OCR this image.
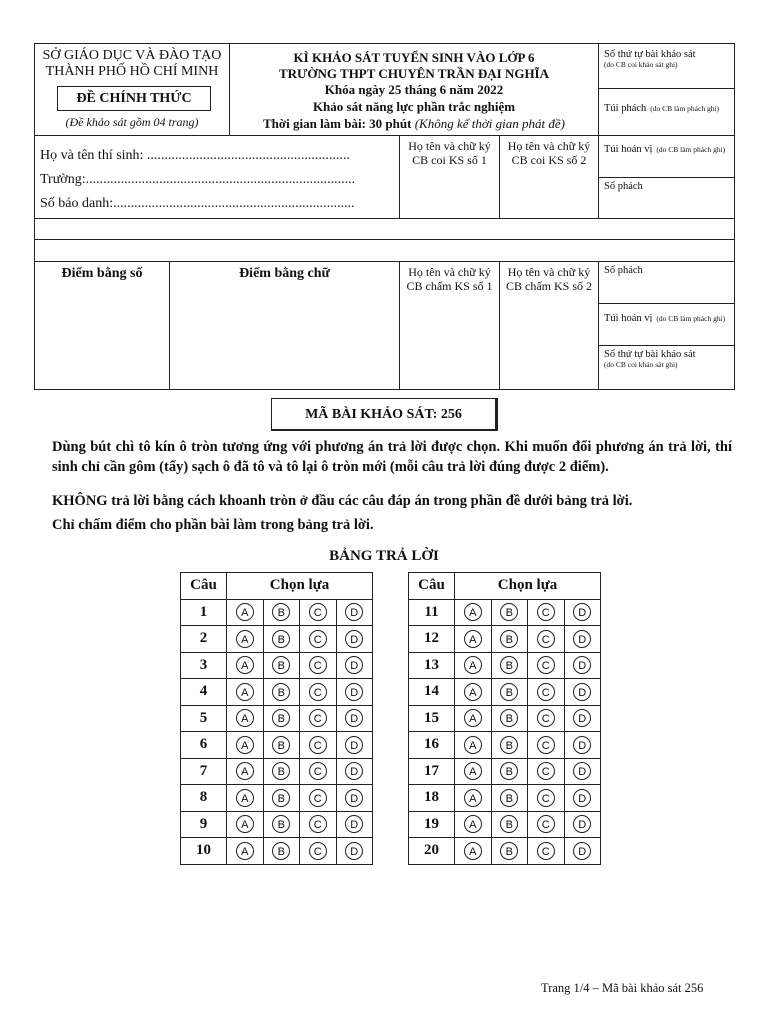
SỞ GIÁO DỤC VÀ ĐÀO TẠO
THÀNH PHỐ HỒ CHÍ MINH
ĐỀ CHÍNH THỨC
(Đề khảo sát gồm 04 trang)
KÌ KHẢO SÁT TUYỂN SINH VÀO LỚP 6
TRƯỜNG THPT CHUYÊN TRẦN ĐẠI NGHĨA
Khóa ngày 25 tháng 6 năm 2022
Khảo sát năng lực phần trắc nghiệm
Thời gian làm bài: 30 phút (Không kể thời gian phát đề)
Số thứ tự bài khảo sát
(do CB coi khảo sát ghi)
Túi phách (do CB làm phách ghi)
Họ và tên thí sinh: ..........................................................
Trường:.............................................................................
Số báo danh:.....................................................................
Họ tên và chữ ký
CB coi KS số 1
Họ tên và chữ ký
CB coi KS số 2
Túi hoán vị (do CB làm phách ghi)
Số phách
Điểm bằng số	Điểm bằng chữ	Họ tên và chữ ký
CB chấm KS số 1
Họ tên và chữ ký
CB chấm KS số 2
Số phách
Túi hoán vị (do CB làm phách ghi)
Số thứ tự bài khảo sát
(do CB coi khảo sát ghi)
MÃ BÀI KHẢO SÁT: 256
Dùng bút chì tô kín ô tròn tương ứng với phương án trả lời được chọn. Khi muốn đổi phương án trả lời, thí sinh chỉ cần gôm (tẩy) sạch ô đã tô và tô lại ô tròn mới (mỗi câu trả lời đúng được 2 điểm).
KHÔNG trả lời bằng cách khoanh tròn ở đầu các câu đáp án trong phần đề dưới bảng trả lời.
Chỉ chấm điểm cho phần bài làm trong bảng trả lời.
BẢNG TRẢ LỜI
Câu	Chọn lựa			
1	A	B	C	D
2	A	B	C	D
3	A	B	C	D
4	A	B	C	D
5	A	B	C	D
6	A	B	C	D
7	A	B	C	D
8	A	B	C	D
9	A	B	C	D
10	A	B	C	D
Câu	Chọn lựa			
11	A	B	C	D
12	A	B	C	D
13	A	B	C	D
14	A	B	C	D
15	A	B	C	D
16	A	B	C	D
17	A	B	C	D
18	A	B	C	D
19	A	B	C	D
20	A	B	C	D
Trang 1/4 – Mã bài khảo sát 256
